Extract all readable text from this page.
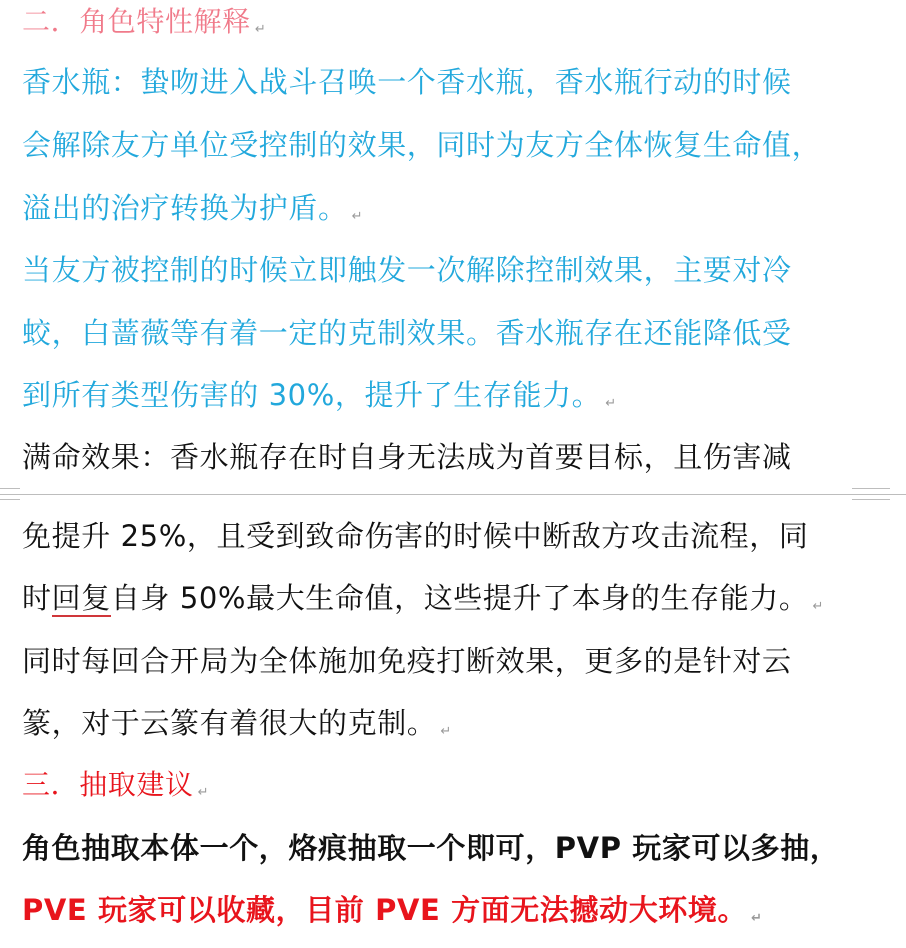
二．角色特性解释 ↵
香水瓶：蛰吻进入战斗召唤一个香水瓶，香水瓶行动的时候
会解除友方单位受控制的效果，同时为友方全体恢复生命值，
溢出的治疗转换为护盾。 ↵
当友方被控制的时候立即触发一次解除控制效果，主要对冷
蛟，白蔷薇等有着一定的克制效果。香水瓶存在还能降低受
到所有类型伤害的 30%，提升了生存能力。 ↵
满命效果：香水瓶存在时自身无法成为首要目标，且伤害减
免提升 25%，且受到致命伤害的时候中断敌方攻击流程，同
时回复自身 50%最大生命值，这些提升了本身的生存能力。 ↵
同时每回合开局为全体施加免疫打断效果，更多的是针对云
篆，对于云篆有着很大的克制。 ↵
三．抽取建议 ↵
角色抽取本体一个，烙痕抽取一个即可，PVP 玩家可以多抽，
PVE 玩家可以收藏，目前 PVE 方面无法撼动大环境。 ↵
